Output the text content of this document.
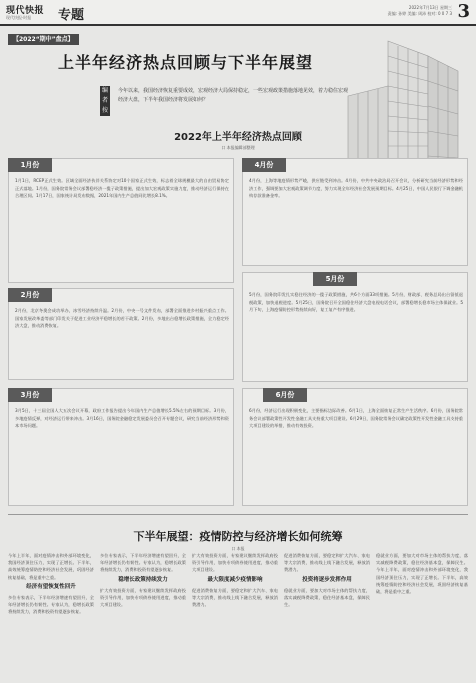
现代快报
现代快报·时报 专题
2022年7月13日 星期三
责编: 孙婷 美编: 周沛 校对: 0 0 7 3 3
【2022“期中”盘点】
上半年经济热点回顾与下半年展望
编
者
按
今年以来，我国经济恢复重要成效，宏观经济大局保持稳定，一些宏观政策措施落地见效，着力稳住宏观经济大盘，下半年我国经济将发展如何？
2022年上半年经济热点回顾
口 本报编辑部整理
1月份
1月1日，RCEP正式生效。区域全面经济伙伴关系协定对10个国家正式生效，标志着全球规模最大的自由贸易协定正式落地。1月份，国务院常务会议部署稳经济一揽子政策措施，提出加大宏观政策实施力度，推动经济运行保持在合理区间。1月17日，国家统计局发布数据，2021年国内生产总值同比增长8.1%。
4月份
4月份，上海等地疫情形势严峻，供应链受到冲击。4月份，中共中央政治局召开会议，分析研究当前经济形势和经济工作，强调要加大宏观政策调节力度，努力实现全年经济社会发展预期目标。4月25日，中国人民银行下调金融机构存款准备金率。
2月份
2月份，北京冬奥会成功举办，冰雪经济持续升温。2月份，中央一号文件发布，部署全面推进乡村振兴重点工作。国家发展改革委等部门印发关于促进工业经济平稳增长的若干政策。2月份，多地出台稳增长政策措施，全力稳定经济大盘，推动消费恢复。
5月份
5月份，国务院印发扎实稳住经济的一揽子政策措施，共6个方面33项措施。5月份，财政部、税务总局出台留抵退税政策，加快退税进度。5月25日，国务院召开全国稳住经济大盘电视电话会议，部署稳增长稳市场主体保就业。5月下旬，上海疫情防控形势持续向好，复工复产有序推进。
3月份
3月5日，十三届全国人大五次会议开幕，政府工作报告提出今年国内生产总值增长5.5%左右的预期目标。3月份，多地疫情反弹，对经济运行带来冲击。3月16日，国务院金融稳定发展委员会召开专题会议，研究当前经济形势和资本市场问题。
6月份
6月份，经济运行出现积极变化，主要指标边际改善。6月1日，上海全面恢复正常生产生活秩序。6月份，国务院常务会议部署政策性开发性金融工具支持重大项目建设。6月29日，国务院常务会议确定政策性开发性金融工具支持重大项目建设的举措，推动有效投资。
下半年展望：疫情防控与经济增长如何统筹
口 本报
今年上半年，面对疫情冲击和外部环境变化，我国经济顶住压力，实现了正增长。下半年，高效统筹疫情防控和经济社会发展，巩固经济恢复基础，将是重中之重。
经济有望恢复性回升
多位专家表示，下半年经济增速有望回升，全年经济增长仍有韧性。专家认为，稳增长政策将持续发力，消费和投资有望逐步恢复。
多位专家表示，下半年经济增速有望回升，全年经济增长仍有韧性。专家认为，稳增长政策将持续发力，消费和投资有望逐步恢复。
稳增长政策持续发力
扩大有效投资方面，专家建议继续发挥政府投资引导作用，加快专项债券使用进度，推动重大项目建设。
扩大有效投资方面，专家建议继续发挥政府投资引导作用，加快专项债券使用进度，推动重大项目建设。
最大限度减少疫情影响
促进消费恢复方面，要稳定和扩大汽车、家电等大宗消费，推动线上线下融合发展，释放消费潜力。
促进消费恢复方面，要稳定和扩大汽车、家电等大宗消费，推动线上线下融合发展，释放消费潜力。
投资将逐步发挥作用
稳就业方面，要加大对市场主体的帮扶力度，落实减税降费政策，稳住经济基本盘，保障民生。
稳就业方面，要加大对市场主体的帮扶力度，落实减税降费政策，稳住经济基本盘，保障民生。 今年上半年，面对疫情冲击和外部环境变化，我国经济顶住压力，实现了正增长。下半年，高效统筹疫情防控和经济社会发展，巩固经济恢复基础，将是重中之重。
